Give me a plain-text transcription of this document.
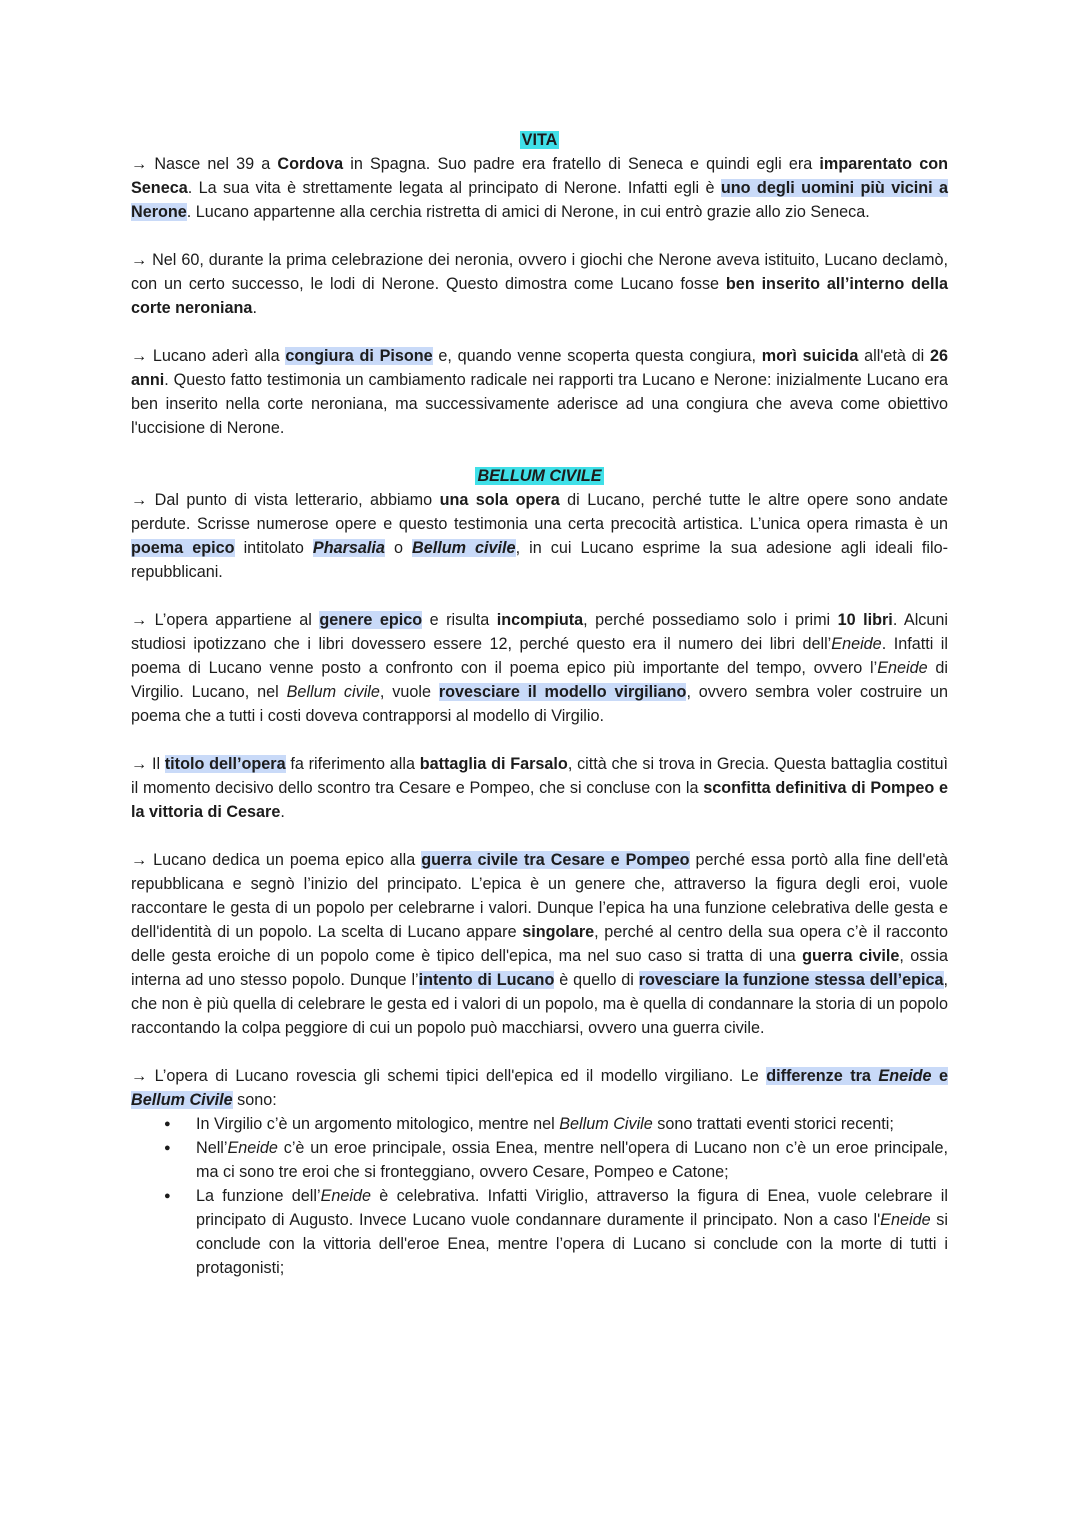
VITA

→ Nasce nel 39 a Cordova in Spagna. Suo padre era fratello di Seneca e quindi egli era imparentato con Seneca. La sua vita è strettamente legata al principato di Nerone. Infatti egli è uno degli uomini più vicini a Nerone. Lucano appartenne alla cerchia ristretta di amici di Nerone, in cui entrò grazie allo zio Seneca.

→ Nel 60, durante la prima celebrazione dei neronia, ovvero i giochi che Nerone aveva istituito, Lucano declamò, con un certo successo, le lodi di Nerone. Questo dimostra come Lucano fosse ben inserito all’interno della corte neroniana.

→ Lucano aderì alla congiura di Pisone e, quando venne scoperta questa congiura, morì suicida all'età di 26 anni. Questo fatto testimonia un cambiamento radicale nei rapporti tra Lucano e Nerone: inizialmente Lucano era ben inserito nella corte neroniana, ma successivamente aderisce ad una congiura che aveva come obiettivo l'uccisione di Nerone.

BELLUM CIVILE

→ Dal punto di vista letterario, abbiamo una sola opera di Lucano, perché tutte le altre opere sono andate perdute. Scrisse numerose opere e questo testimonia una certa precocità artistica. L’unica opera rimasta è un poema epico intitolato Pharsalia o Bellum civile, in cui Lucano esprime la sua adesione agli ideali filo-repubblicani.

→ L’opera appartiene al genere epico e risulta incompiuta, perché possediamo solo i primi 10 libri. Alcuni studiosi ipotizzano che i libri dovessero essere 12, perché questo era il numero dei libri dell’Eneide. Infatti il poema di Lucano venne posto a confronto con il poema epico più importante del tempo, ovvero l’Eneide di Virgilio. Lucano, nel Bellum civile, vuole rovesciare il modello virgiliano, ovvero sembra voler costruire un poema che a tutti i costi doveva contrapporsi al modello di Virgilio.

→ Il titolo dell’opera fa riferimento alla battaglia di Farsalo, città che si trova in Grecia. Questa battaglia costituì il momento decisivo dello scontro tra Cesare e Pompeo, che si concluse con la sconfitta definitiva di Pompeo e la vittoria di Cesare.

→ Lucano dedica un poema epico alla guerra civile tra Cesare e Pompeo perché essa portò alla fine dell'età repubblicana e segnò l’inizio del principato. L’epica è un genere che, attraverso la figura degli eroi, vuole raccontare le gesta di un popolo per celebrarne i valori. Dunque l’epica ha una funzione celebrativa delle gesta e dell'identità di un popolo. La scelta di Lucano appare singolare, perché al centro della sua opera c’è il racconto delle gesta eroiche di un popolo come è tipico dell'epica, ma nel suo caso si tratta di una guerra civile, ossia interna ad uno stesso popolo. Dunque l’intento di Lucano è quello di rovesciare la funzione stessa dell’epica, che non è più quella di celebrare le gesta ed i valori di un popolo, ma è quella di condannare la storia di un popolo raccontando la colpa peggiore di cui un popolo può macchiarsi, ovvero una guerra civile.

→ L’opera di Lucano rovescia gli schemi tipici dell'epica ed il modello virgiliano. Le differenze tra Eneide e Bellum Civile sono:

● In Virgilio c’è un argomento mitologico, mentre nel Bellum Civile sono trattati eventi storici recenti;
● Nell’Eneide c’è un eroe principale, ossia Enea, mentre nell'opera di Lucano non c’è un eroe principale, ma ci sono tre eroi che si fronteggiano, ovvero Cesare, Pompeo e Catone;
● La funzione dell’Eneide è celebrativa. Infatti Viriglio, attraverso la figura di Enea, vuole celebrare il principato di Augusto. Invece Lucano vuole condannare duramente il principato. Non a caso l'Eneide si conclude con la vittoria dell'eroe Enea, mentre l’opera di Lucano si conclude con la morte di tutti i protagonisti;
